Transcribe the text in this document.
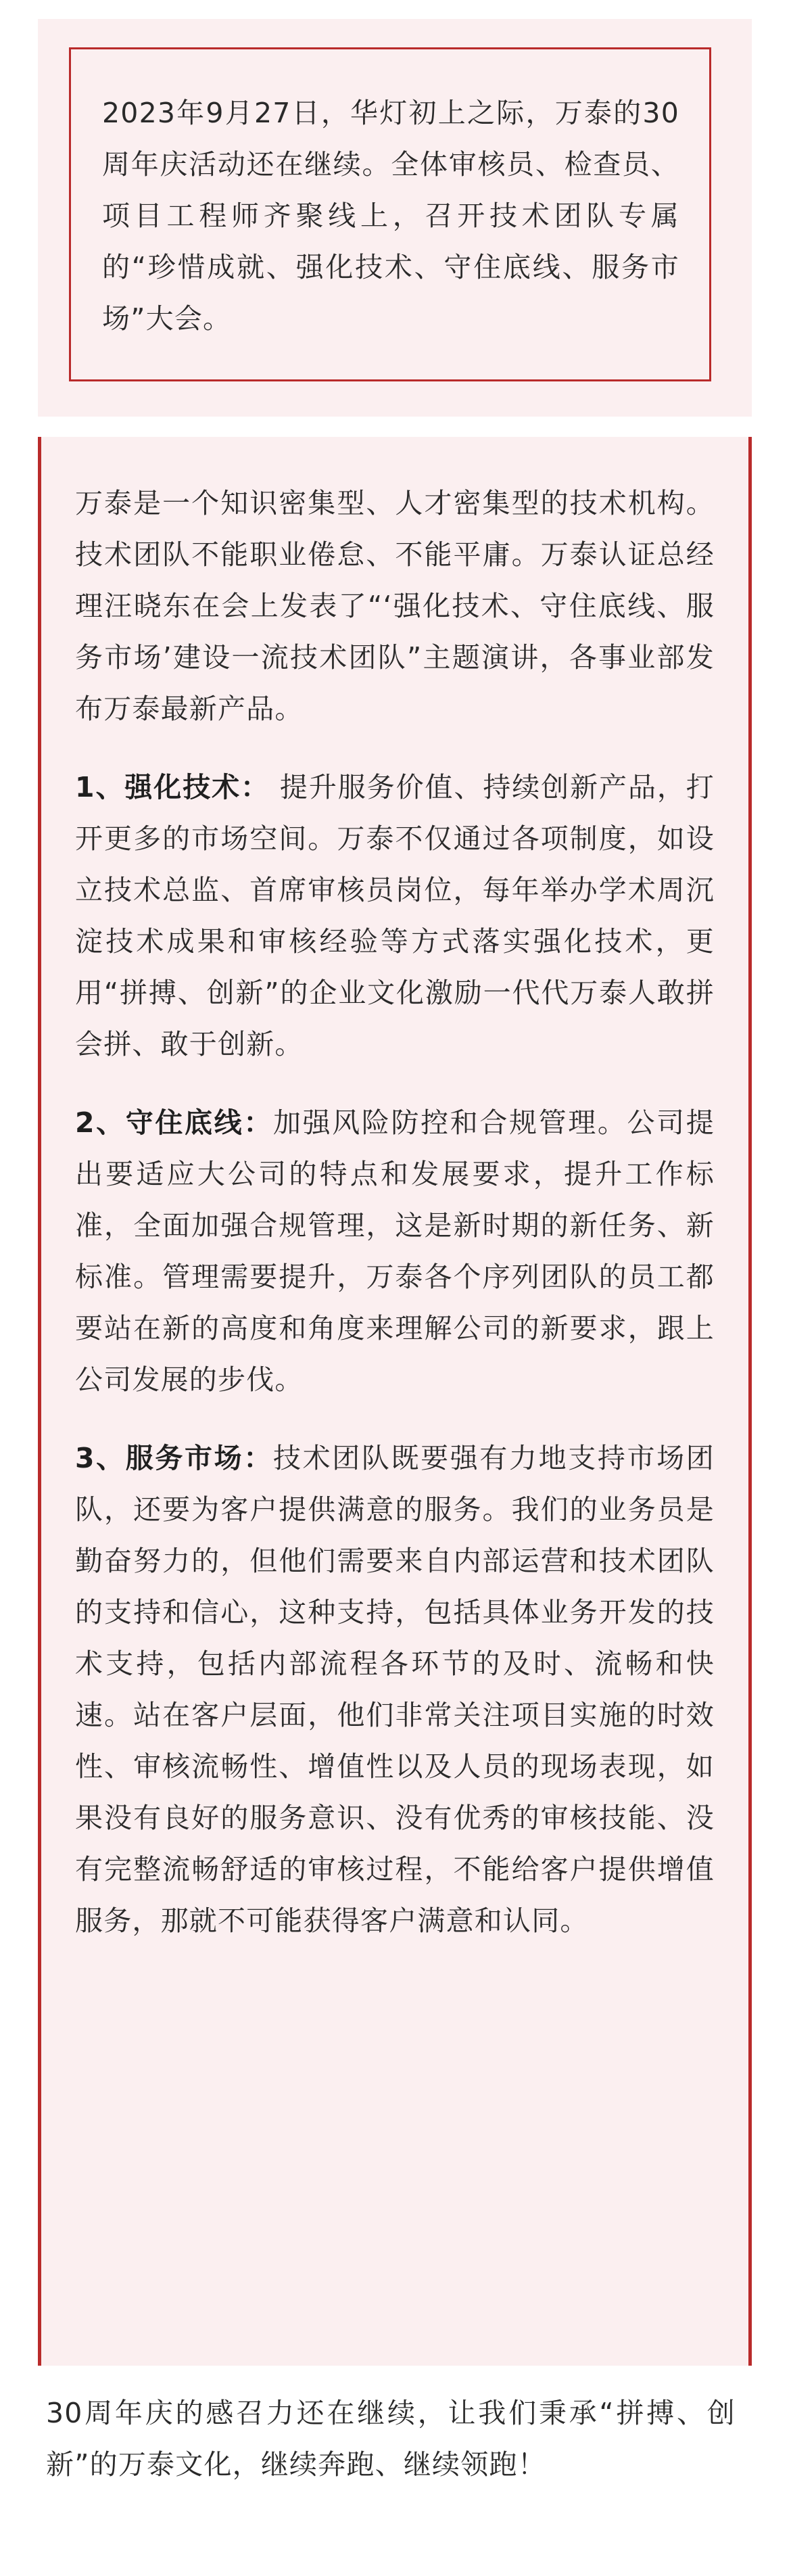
2023年9月27日，华灯初上之际，万泰的30周年庆活动还在继续。全体审核员、检查员、项目工程师齐聚线上，召开技术团队专属的“珍惜成就、强化技术、守住底线、服务市场”大会。

万泰是一个知识密集型、人才密集型的技术机构。技术团队不能职业倦怠、不能平庸。万泰认证总经理汪晓东在会上发表了“‘强化技术、守住底线、服务市场’建设一流技术团队”主题演讲，各事业部发布万泰最新产品。

1、强化技术： 提升服务价值、持续创新产品，打开更多的市场空间。万泰不仅通过各项制度，如设立技术总监、首席审核员岗位，每年举办学术周沉淀技术成果和审核经验等方式落实强化技术，更用“拼搏、创新”的企业文化激励一代代万泰人敢拼会拼、敢于创新。

2、守住底线：加强风险防控和合规管理。公司提出要适应大公司的特点和发展要求，提升工作标准，全面加强合规管理，这是新时期的新任务、新标准。管理需要提升，万泰各个序列团队的员工都要站在新的高度和角度来理解公司的新要求，跟上公司发展的步伐。

3、服务市场：技术团队既要强有力地支持市场团队，还要为客户提供满意的服务。我们的业务员是勤奋努力的，但他们需要来自内部运营和技术团队的支持和信心，这种支持，包括具体业务开发的技术支持，包括内部流程各环节的及时、流畅和快速。站在客户层面，他们非常关注项目实施的时效性、审核流畅性、增值性以及人员的现场表现，如果没有良好的服务意识、没有优秀的审核技能、没有完整流畅舒适的审核过程，不能给客户提供增值服务，那就不可能获得客户满意和认同。

30周年庆的感召力还在继续，让我们秉承“拼搏、创新”的万泰文化，继续奔跑、继续领跑！
